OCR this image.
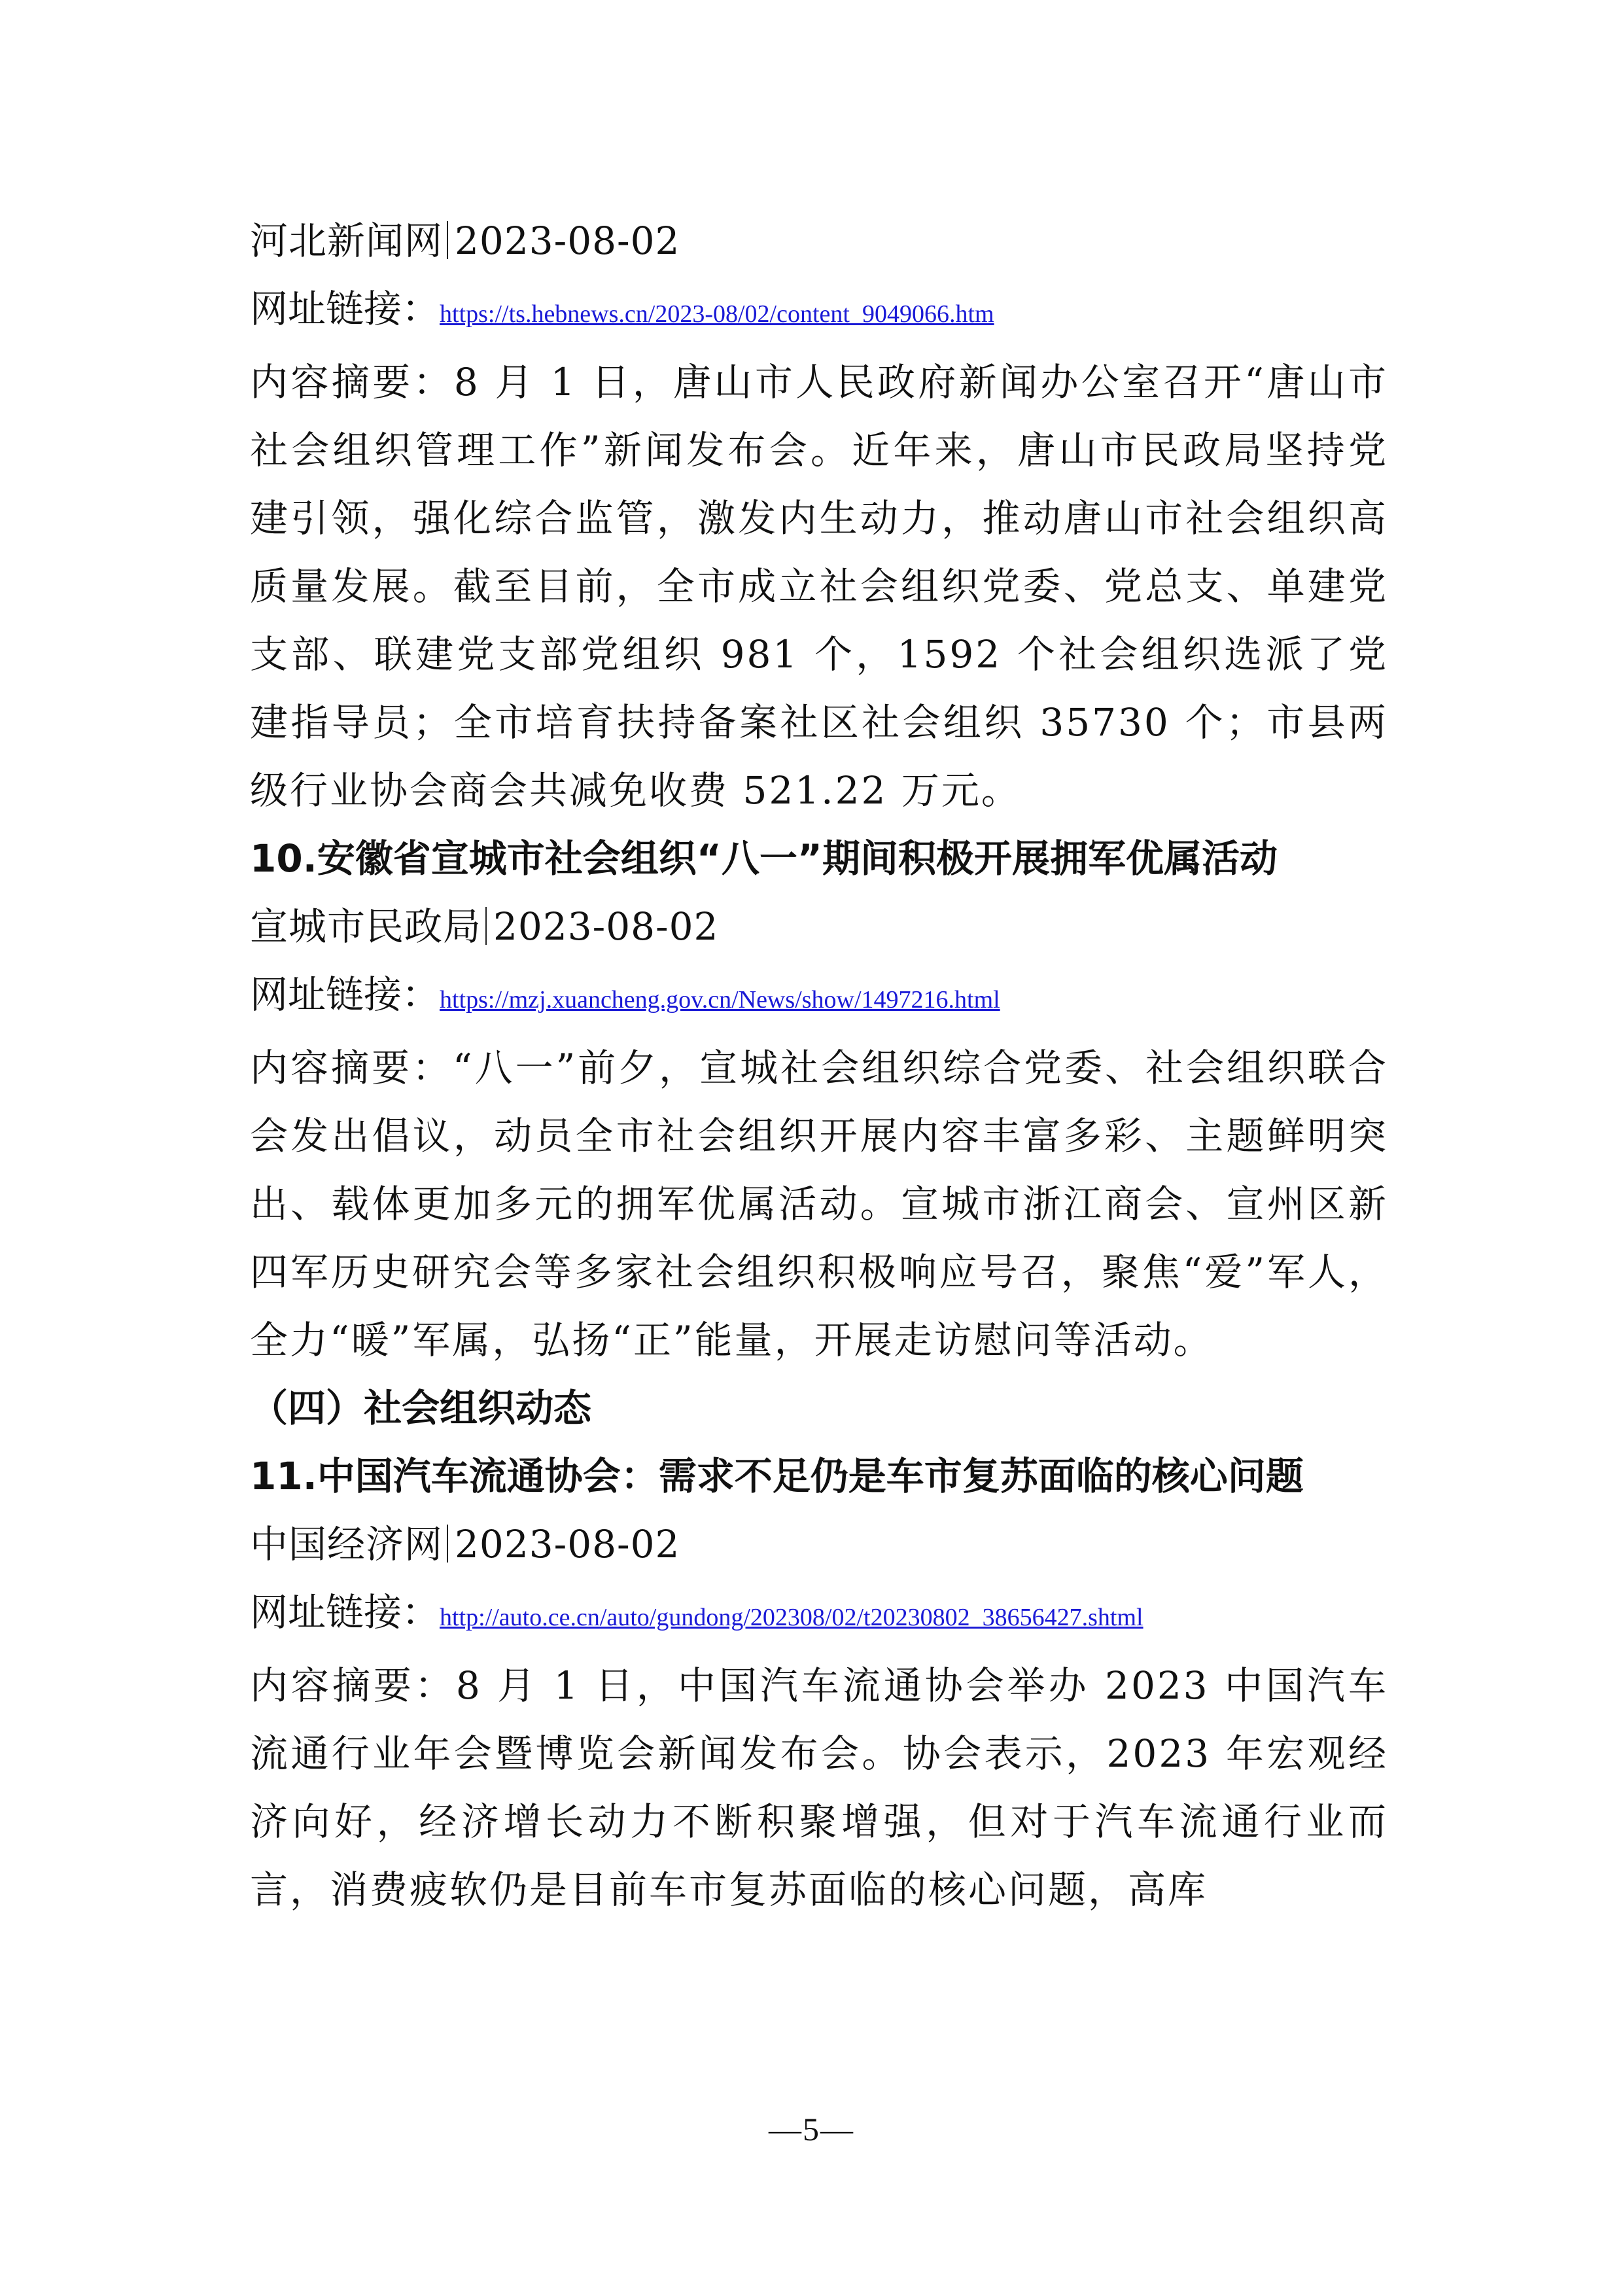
河北新闻网 2023-08-02
网址链接：https://ts.hebnews.cn/2023-08/02/content_9049066.htm
内容摘要：8 月 1 日，唐山市人民政府新闻办公室召开“唐山市社会组织管理工作”新闻发布会。近年来，唐山市民政局坚持党建引领，强化综合监管，激发内生动力，推动唐山市社会组织高质量发展。截至目前，全市成立社会组织党委、党总支、单建党支部、联建党支部党组织 981 个，1592 个社会组织选派了党建指导员；全市培育扶持备案社区社会组织 35730 个；市县两级行业协会商会共减免收费 521.22 万元。
10.安徽省宣城市社会组织“八一”期间积极开展拥军优属活动
宣城市民政局 2023-08-02
网址链接：https://mzj.xuancheng.gov.cn/News/show/1497216.html
内容摘要：“八一”前夕，宣城社会组织综合党委、社会组织联合会发出倡议，动员全市社会组织开展内容丰富多彩、主题鲜明突出、载体更加多元的拥军优属活动。宣城市浙江商会、宣州区新四军历史研究会等多家社会组织积极响应号召，聚焦“爱”军人，全力“暖”军属，弘扬“正”能量，开展走访慰问等活动。
（四）社会组织动态
11.中国汽车流通协会：需求不足仍是车市复苏面临的核心问题
中国经济网 2023-08-02
网址链接：http://auto.ce.cn/auto/gundong/202308/02/t20230802_38656427.shtml
内容摘要：8 月 1 日，中国汽车流通协会举办 2023 中国汽车流通行业年会暨博览会新闻发布会。协会表示，2023 年宏观经济向好，经济增长动力不断积聚增强，但对于汽车流通行业而言，消费疲软仍是目前车市复苏面临的核心问题，高库
—5—
